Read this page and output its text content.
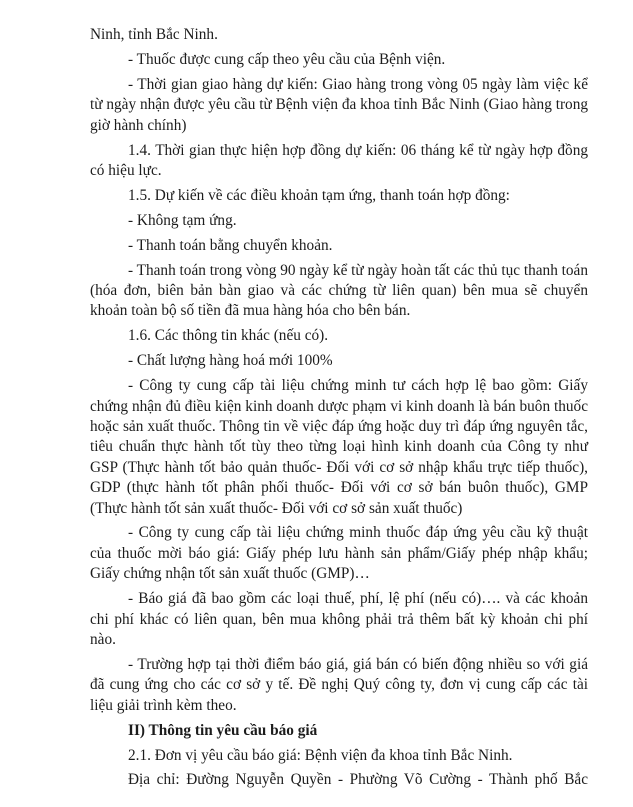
Ninh, tỉnh Bắc Ninh.

- Thuốc được cung cấp theo yêu cầu của Bệnh viện.

- Thời gian giao hàng dự kiến: Giao hàng trong vòng 05 ngày làm việc kể từ ngày nhận được yêu cầu từ Bệnh viện đa khoa tỉnh Bắc Ninh (Giao hàng trong giờ hành chính)

1.4. Thời gian thực hiện hợp đồng dự kiến: 06 tháng kể từ ngày hợp đồng có hiệu lực.

1.5. Dự kiến về các điều khoản tạm ứng, thanh toán hợp đồng:

- Không tạm ứng.

- Thanh toán bằng chuyển khoản.

- Thanh toán trong vòng 90 ngày kể từ ngày hoàn tất các thủ tục thanh toán (hóa đơn, biên bản bàn giao và các chứng từ liên quan) bên mua sẽ chuyển khoản toàn bộ số tiền đã mua hàng hóa cho bên bán.

1.6. Các thông tin khác (nếu có).

- Chất lượng hàng hoá mới 100%

- Công ty cung cấp tài liệu chứng minh tư cách hợp lệ bao gồm: Giấy chứng nhận đủ điều kiện kinh doanh dược phạm vi kinh doanh là bán buôn thuốc hoặc sản xuất thuốc. Thông tin về việc đáp ứng hoặc duy trì đáp ứng nguyên tắc, tiêu chuẩn thực hành tốt tùy theo từng loại hình kinh doanh của Công ty như GSP (Thực hành tốt bảo quản thuốc- Đối với cơ sở nhập khẩu trực tiếp thuốc), GDP (thực hành tốt phân phối thuốc- Đối với cơ sở bán buôn thuốc), GMP (Thực hành tốt sản xuất thuốc- Đối với cơ sở sản xuất thuốc)

- Công ty cung cấp tài liệu chứng minh thuốc đáp ứng yêu cầu kỹ thuật của thuốc mời báo giá: Giấy phép lưu hành sản phẩm/Giấy phép nhập khẩu; Giấy chứng nhận tốt sản xuất thuốc (GMP)…

- Báo giá đã bao gồm các loại thuế, phí, lệ phí (nếu có)…. và các khoản chi phí khác có liên quan, bên mua không phải trả thêm bất kỳ khoản chi phí nào.

- Trường hợp tại thời điểm báo giá, giá bán có biến động nhiều so với giá đã cung ứng cho các cơ sở y tế. Đề nghị Quý công ty, đơn vị cung cấp các tài liệu giải trình kèm theo.

II) Thông tin yêu cầu báo giá

2.1. Đơn vị yêu cầu báo giá: Bệnh viện đa khoa tỉnh Bắc Ninh.

Địa chỉ: Đường Nguyễn Quyền - Phường Võ Cường - Thành phố Bắc
